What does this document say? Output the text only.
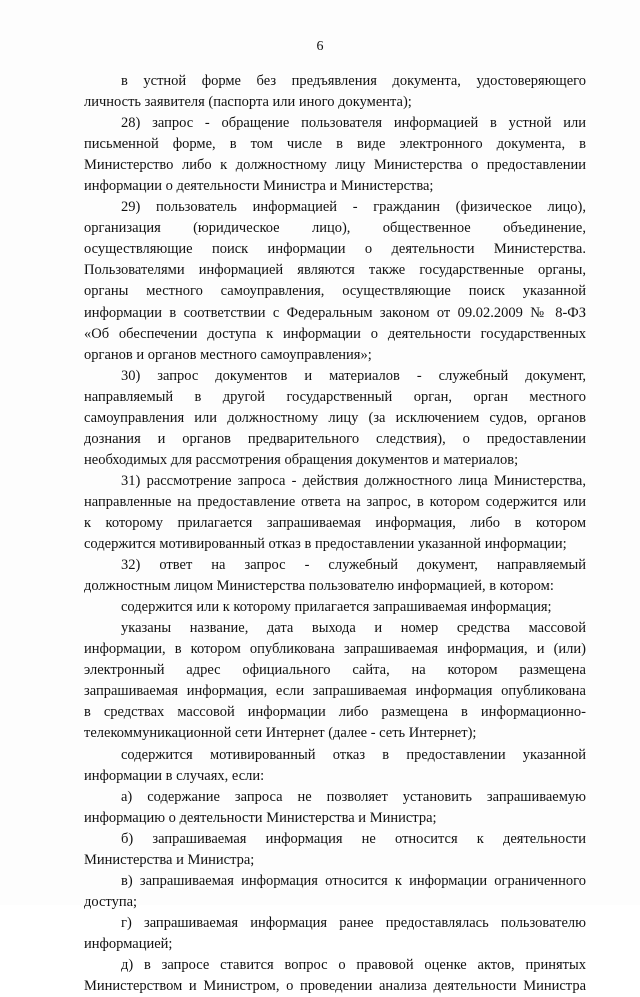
6
в устной форме без предъявления документа, удостоверяющего
личность заявителя (паспорта или иного документа);
28) запрос - обращение пользователя информацией в устной или
письменной форме, в том числе в виде электронного документа, в
Министерство либо к должностному лицу Министерства о предоставлении
информации о деятельности Министра и Министерства;
29) пользователь информацией - гражданин (физическое лицо),
организация (юридическое лицо), общественное объединение,
осуществляющие поиск информации о деятельности Министерства.
Пользователями информацией являются также государственные органы,
органы местного самоуправления, осуществляющие поиск указанной
информации в соответствии с Федеральным законом от 09.02.2009 № 8-ФЗ
«Об обеспечении доступа к информации о деятельности государственных
органов и органов местного самоуправления»;
30) запрос документов и материалов - служебный документ,
направляемый в другой государственный орган, орган местного
самоуправления или должностному лицу (за исключением судов, органов
дознания и органов предварительного следствия), о предоставлении
необходимых для рассмотрения обращения документов и материалов;
31) рассмотрение запроса - действия должностного лица Министерства,
направленные на предоставление ответа на запрос, в котором содержится или
к которому прилагается запрашиваемая информация, либо в котором
содержится мотивированный отказ в предоставлении указанной информации;
32) ответ на запрос - служебный документ, направляемый
должностным лицом Министерства пользователю информацией, в котором:
содержится или к которому прилагается запрашиваемая информация;
указаны название, дата выхода и номер средства массовой
информации, в котором опубликована запрашиваемая информация, и (или)
электронный адрес официального сайта, на котором размещена
запрашиваемая информация, если запрашиваемая информация опубликована
в средствах массовой информации либо размещена в информационно-
телекоммуникационной сети Интернет (далее - сеть Интернет);
содержится мотивированный отказ в предоставлении указанной
информации в случаях, если:
а) содержание запроса не позволяет установить запрашиваемую
информацию о деятельности Министерства и Министра;
б) запрашиваемая информация не относится к деятельности
Министерства и Министра;
в) запрашиваемая информация относится к информации ограниченного
доступа;
г) запрашиваемая информация ранее предоставлялась пользователю
информацией;
д) в запросе ставится вопрос о правовой оценке актов, принятых
Министерством и Министром, о проведении анализа деятельности Министра
